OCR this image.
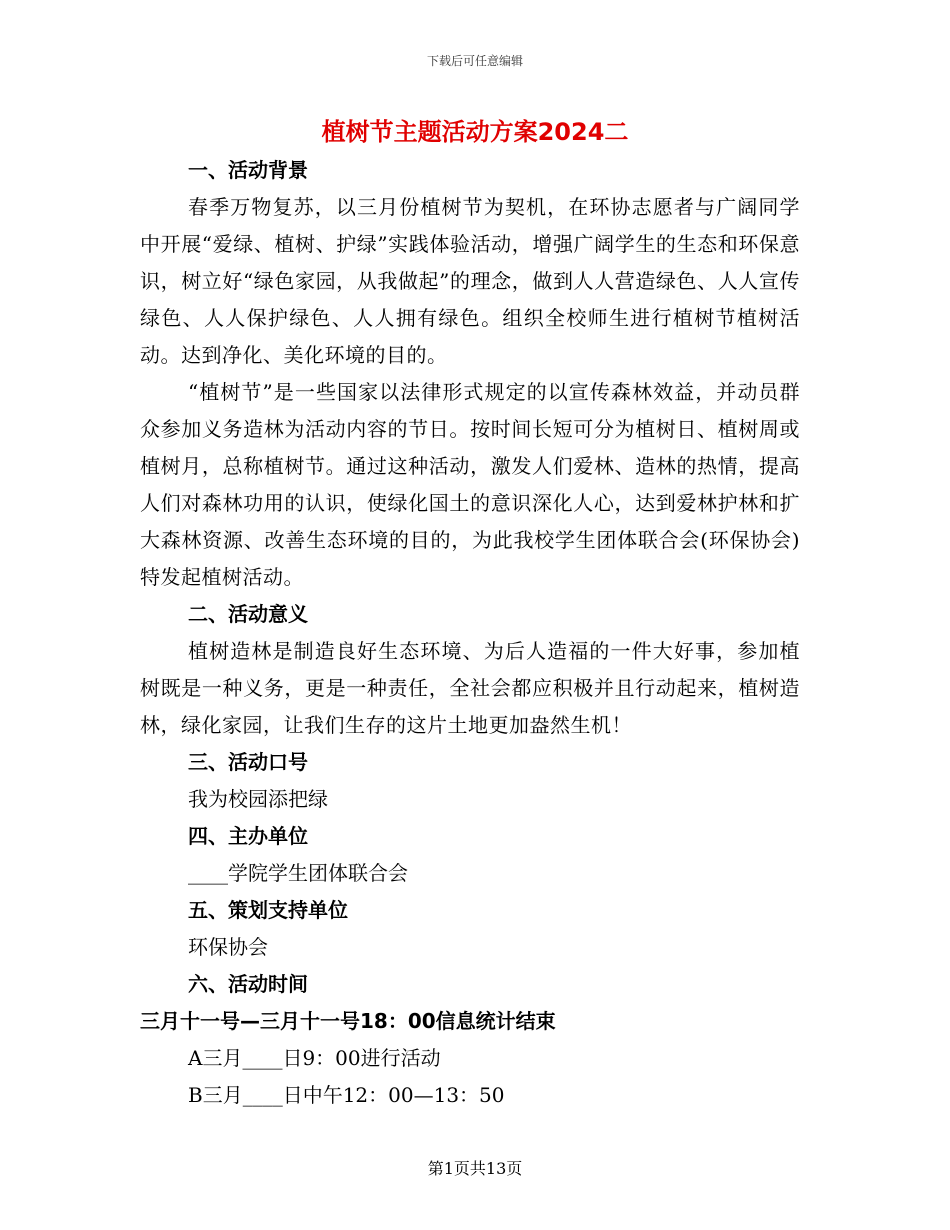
下载后可任意编辑
植树节主题活动方案2024二
一、活动背景
春季万物复苏，以三月份植树节为契机，在环协志愿者与广阔同学中开展“爱绿、植树、护绿”实践体验活动，增强广阔学生的生态和环保意识，树立好“绿色家园，从我做起”的理念，做到人人营造绿色、人人宣传绿色、人人保护绿色、人人拥有绿色。组织全校师生进行植树节植树活动。达到净化、美化环境的目的。
“植树节”是一些国家以法律形式规定的以宣传森林效益，并动员群众参加义务造林为活动内容的节日。按时间长短可分为植树日、植树周或植树月，总称植树节。通过这种活动，激发人们爱林、造林的热情，提高人们对森林功用的认识，使绿化国土的意识深化人心，达到爱林护林和扩大森林资源、改善生态环境的目的，为此我校学生团体联合会(环保协会)特发起植树活动。
二、活动意义
植树造林是制造良好生态环境、为后人造福的一件大好事，参加植树既是一种义务，更是一种责任，全社会都应积极并且行动起来，植树造林，绿化家园，让我们生存的这片土地更加盎然生机！
三、活动口号
我为校园添把绿
四、主办单位
____学院学生团体联合会
五、策划支持单位
环保协会
六、活动时间
三月十一号—三月十一号18：00信息统计结束
A三月____日9：00进行活动
B三月____日中午12：00—13：50
第1页共13页
